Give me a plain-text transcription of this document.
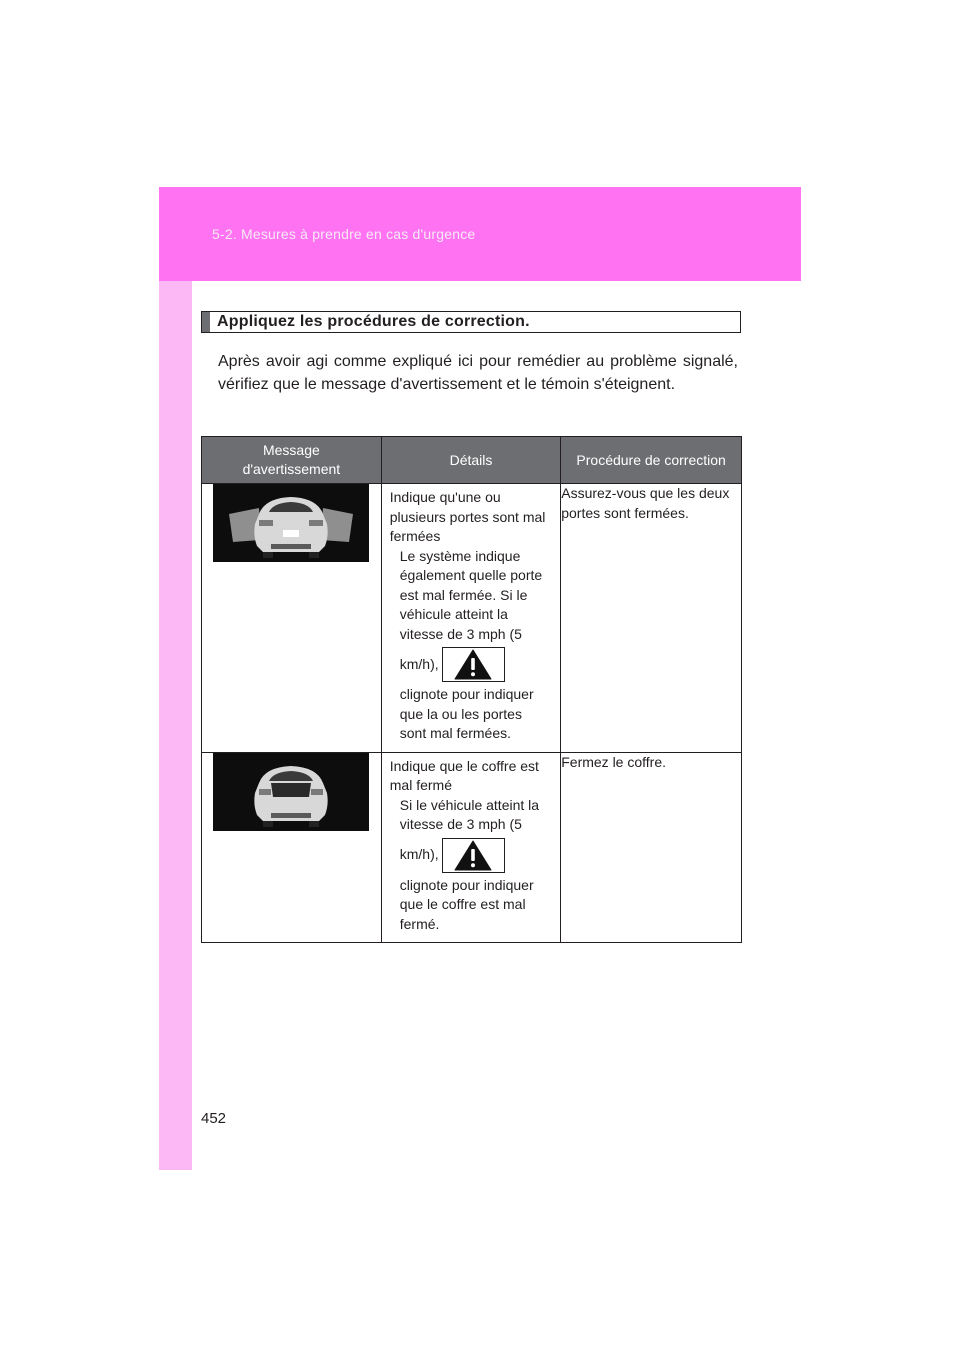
5-2. Mesures à prendre en cas d'urgence
Appliquez les procédures de correction.
Après avoir agi comme expliqué ici pour remédier au problème signalé, vérifiez que le message d'avertissement et le témoin s'éteignent.
Message d'avertissement	Détails	Procédure de correction

Indique qu'une ou plusieurs portes sont mal fermées
Le système indique également quelle porte est mal fermée. Si le véhicule atteint la vitesse de 3 mph (5
km/h),
clignote pour indiquer que la ou les portes sont mal fermées.	Assurez-vous que les deux portes sont fermées.

Indique que le coffre est mal fermé
Si le véhicule atteint la vitesse de 3 mph (5
km/h),
clignote pour indiquer que le coffre est mal fermé.	Fermez le coffre.
452
